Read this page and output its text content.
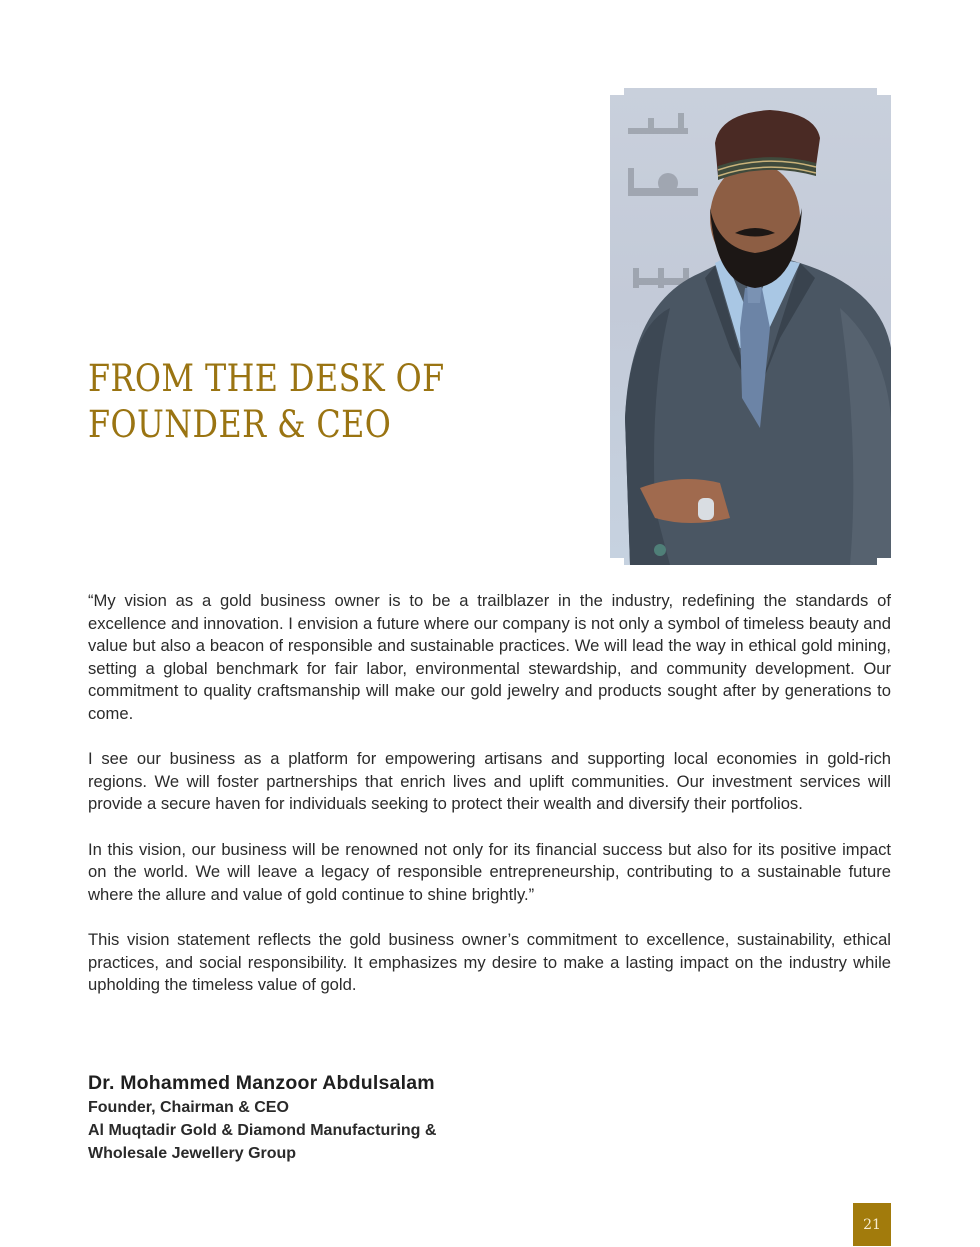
FROM THE DESK OF
FOUNDER & CEO

“My vision as a gold business owner is to be a trailblazer in the industry, redefining the standards of excellence and innovation. I envision a future where our company is not only a symbol of timeless beauty and value but also a beacon of responsible and sustainable practices. We will lead the way in ethical gold mining, setting a global benchmark for fair labor, environmental stewardship, and community development. Our commitment to quality craftsmanship will make our gold jewelry and products sought after by generations to come.

I see our business as a platform for empowering artisans and supporting local economies in gold-rich regions. We will foster partnerships that enrich lives and uplift communities. Our investment services will provide a secure haven for individuals seeking to protect their wealth and diversify their portfolios.

In this vision, our business will be renowned not only for its financial success but also for its positive impact on the world. We will leave a legacy of responsible entrepreneurship, contributing to a sustainable future where the allure and value of gold continue to shine brightly.”

This vision statement reflects the gold business owner’s commitment to excellence, sustainability, ethical practices, and social responsibility. It emphasizes my desire to make a lasting impact on the industry while upholding the timeless value of gold.

Dr. Mohammed Manzoor Abdulsalam
Founder, Chairman & CEO
Al Muqtadir Gold & Diamond Manufacturing &
Wholesale Jewellery Group
21
